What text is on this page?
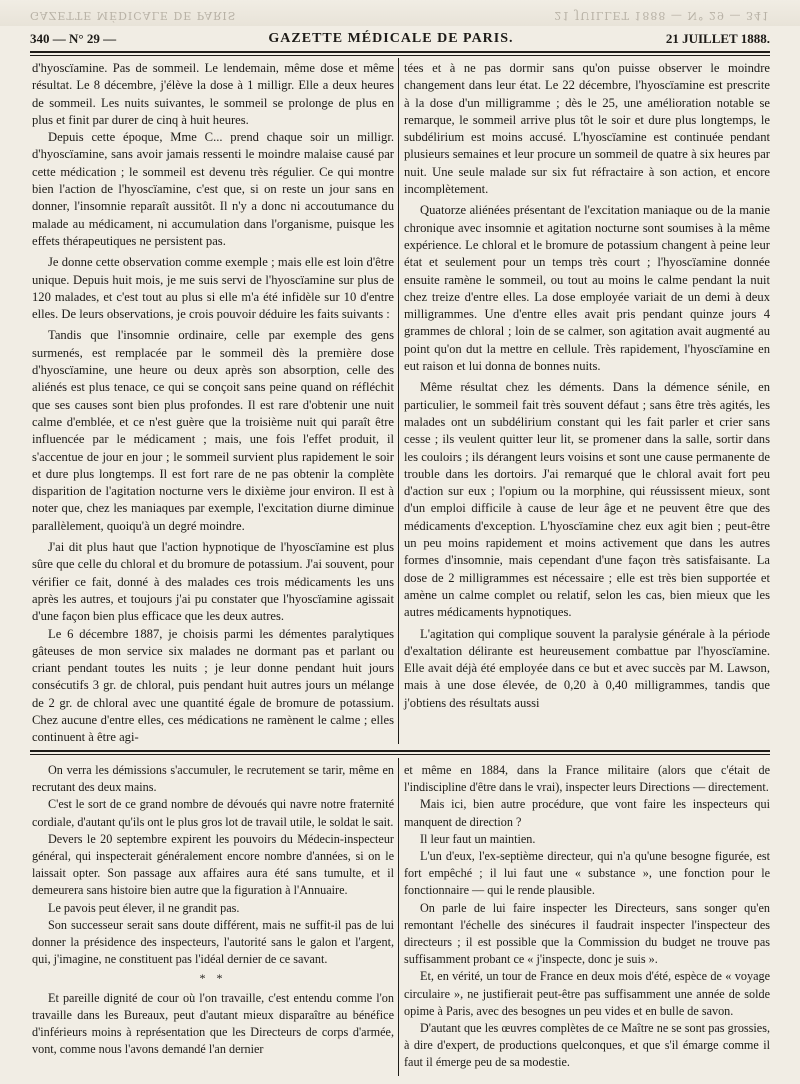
GAZETTE MÉDICALE DE PARIS	21 JUILLET 1888 — N° 29 — 341
340 — N° 29 —	GAZETTE MÉDICALE DE PARIS.	21 JUILLET 1888.

d'hyoscïamine. Pas de sommeil. Le lendemain, même dose et même résultat. Le 8 décembre, j'élève la dose à 1 milligr. Elle a deux heures de sommeil. Les nuits suivantes, le sommeil se prolonge de plus en plus et finit par durer de cinq à huit heures.

Depuis cette époque, Mme C... prend chaque soir un milligr. d'hyoscïamine, sans avoir jamais ressenti le moindre malaise causé par cette médication ; le sommeil est devenu très régulier. Ce qui montre bien l'action de l'hyoscïamine, c'est que, si on reste un jour sans en donner, l'insomnie reparaît aussitôt. Il n'y a donc ni accoutumance du malade au médicament, ni accumulation dans l'organisme, puisque les effets thérapeutiques ne persistent pas.

Je donne cette observation comme exemple ; mais elle est loin d'être unique. Depuis huit mois, je me suis servi de l'hyoscïamine sur plus de 120 malades, et c'est tout au plus si elle m'a été infidèle sur 10 d'entre elles. De leurs observations, je crois pouvoir déduire les faits suivants :

Tandis que l'insomnie ordinaire, celle par exemple des gens surmenés, est remplacée par le sommeil dès la première dose d'hyoscïamine, une heure ou deux après son absorption, celle des aliénés est plus tenace, ce qui se conçoit sans peine quand on réfléchit que ses causes sont bien plus profondes. Il est rare d'obtenir une nuit calme d'emblée, et ce n'est guère que la troisième nuit qui paraît être influencée par le médicament ; mais, une fois l'effet produit, il s'accentue de jour en jour ; le sommeil survient plus rapidement le soir et dure plus longtemps. Il est fort rare de ne pas obtenir la complète disparition de l'agitation nocturne vers le dixième jour environ. Il est à noter que, chez les maniaques par exemple, l'excitation diurne diminue parallèlement, quoiqu'à un degré moindre.

J'ai dit plus haut que l'action hypnotique de l'hyoscïamine est plus sûre que celle du chloral et du bromure de potassium. J'ai souvent, pour vérifier ce fait, donné à des malades ces trois médicaments les uns après les autres, et toujours j'ai pu constater que l'hyoscïamine agissait d'une façon bien plus efficace que les deux autres.

Le 6 décembre 1887, je choisis parmi les démentes paralytiques gâteuses de mon service six malades ne dormant pas et parlant ou criant pendant toutes les nuits ; je leur donne pendant huit jours consécutifs 3 gr. de chloral, puis pendant huit autres jours un mélange de 2 gr. de chloral avec une quantité égale de bromure de potassium. Chez aucune d'entre elles, ces médications ne ramènent le calme ; elles continuent à être agi-

tées et à ne pas dormir sans qu'on puisse observer le moindre changement dans leur état. Le 22 décembre, l'hyoscïamine est prescrite à la dose d'un milligramme ; dès le 25, une amélioration notable se remarque, le sommeil arrive plus tôt le soir et dure plus longtemps, le subdélirium est moins accusé. L'hyoscïamine est continuée pendant plusieurs semaines et leur procure un sommeil de quatre à six heures par nuit. Une seule malade sur six fut réfractaire à son action, et encore incomplètement.

Quatorze aliénées présentant de l'excitation maniaque ou de la manie chronique avec insomnie et agitation nocturne sont soumises à la même expérience. Le chloral et le bromure de potassium changent à peine leur état et seulement pour un temps très court ; l'hyoscïamine donnée ensuite ramène le sommeil, ou tout au moins le calme pendant la nuit chez treize d'entre elles. La dose employée variait de un demi à deux milligrammes. Une d'entre elles avait pris pendant quinze jours 4 grammes de chloral ; loin de se calmer, son agitation avait augmenté au point qu'on dut la mettre en cellule. Très rapidement, l'hyoscïamine en eut raison et lui donna de bonnes nuits.

Même résultat chez les déments. Dans la démence sénile, en particulier, le sommeil fait très souvent défaut ; sans être très agités, les malades ont un subdélirium constant qui les fait parler et crier sans cesse ; ils veulent quitter leur lit, se promener dans la salle, sortir dans les couloirs ; ils dérangent leurs voisins et sont une cause permanente de trouble dans les dortoirs. J'ai remarqué que le chloral avait fort peu d'action sur eux ; l'opium ou la morphine, qui réussissent mieux, sont d'un emploi difficile à cause de leur âge et ne peuvent être que des médicaments d'exception. L'hyoscïamine chez eux agit bien ; peut-être un peu moins rapidement et moins activement que dans les autres formes d'insomnie, mais cependant d'une façon très satisfaisante. La dose de 2 milligrammes est nécessaire ; elle est très bien supportée et amène un calme complet ou relatif, selon les cas, bien mieux que les autres médicaments hypnotiques.

L'agitation qui complique souvent la paralysie générale à la période d'exaltation délirante est heureusement combattue par l'hyoscïamine. Elle avait déjà été employée dans ce but et avec succès par M. Lawson, mais à une dose élevée, de 0,20 à 0,40 milligrammes, tandis que j'obtiens des résultats aussi

On verra les démissions s'accumuler, le recrutement se tarir, même en recrutant des deux mains.

C'est le sort de ce grand nombre de dévoués qui navre notre fraternité cordiale, d'autant qu'ils ont le plus gros lot de travail utile, le soldat le sait.

Devers le 20 septembre expirent les pouvoirs du Médecin-inspecteur général, qui inspecterait généralement encore nombre d'années, si on le laissait opter. Son passage aux affaires aura été sans tumulte, et il demeurera sans histoire bien autre que la figuration à l'Annuaire.

Le pavois peut élever, il ne grandit pas.

Son successeur serait sans doute différent, mais ne suffit-il pas de lui donner la présidence des inspecteurs, l'autorité sans le galon et l'argent, qui, j'imagine, ne constituent pas l'idéal dernier de ce savant.

* *

Et pareille dignité de cour où l'on travaille, c'est entendu comme l'on travaille dans les Bureaux, peut d'autant mieux disparaître au bénéfice d'inférieurs moins à représentation que les Directeurs de corps d'armée, vont, comme nous l'avons demandé l'an dernier

et même en 1884, dans la France militaire (alors que c'était de l'indiscipline d'être dans le vrai), inspecter leurs Directions — directement.

Mais ici, bien autre procédure, que vont faire les inspecteurs qui manquent de direction ?

Il leur faut un maintien.

L'un d'eux, l'ex-septième directeur, qui n'a qu'une besogne figurée, est fort empêché ; il lui faut une « substance », une fonction pour le fonctionnaire — qui le rende plausible.

On parle de lui faire inspecter les Directeurs, sans songer qu'en remontant l'échelle des sinécures il faudrait inspecter l'inspecteur des directeurs ; il est possible que la Commission du budget ne trouve pas suffisamment probant ce « j'inspecte, donc je suis ».

Et, en vérité, un tour de France en deux mois d'été, espèce de « voyage circulaire », ne justifierait peut-être pas suffisamment une année de solde opime à Paris, avec des besognes un peu vides et en bulle de savon.

D'autant que les œuvres complètes de ce Maître ne se sont pas grossies, à dire d'expert, de productions quelconques, et que s'il émarge comme il faut il émerge peu de sa modestie.
